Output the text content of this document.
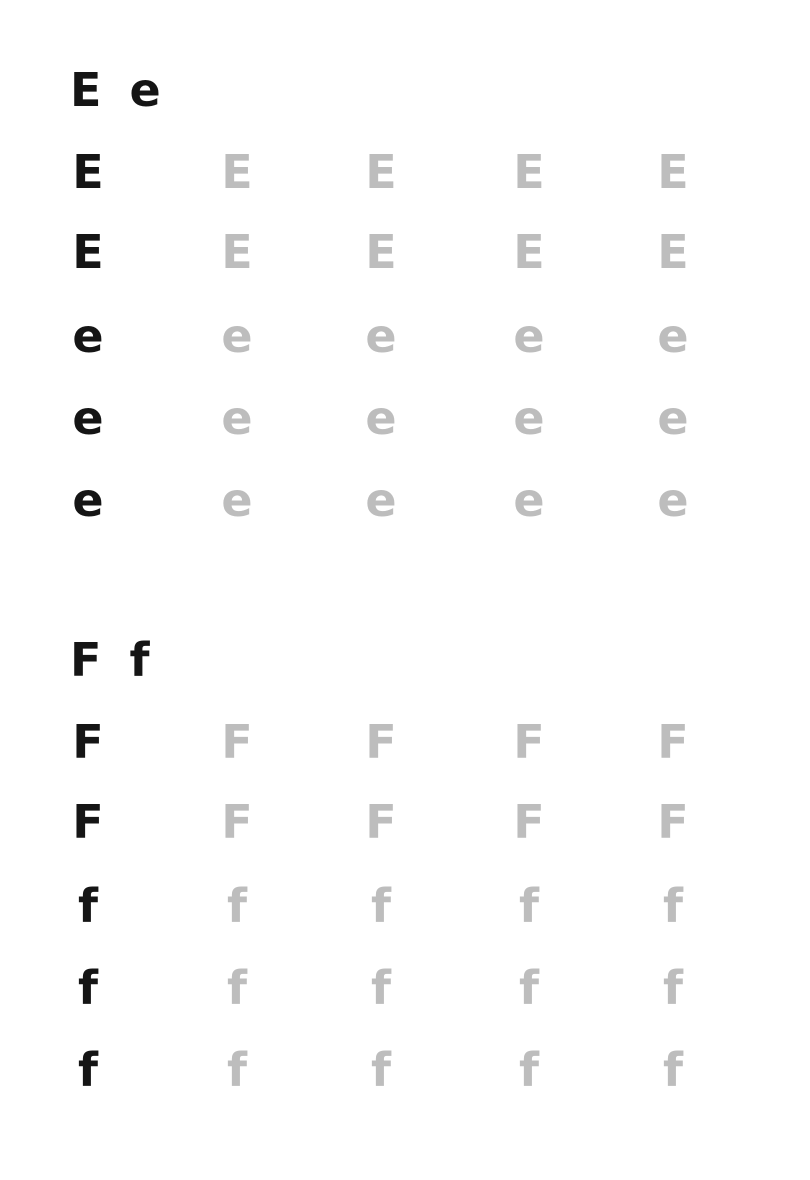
E e
E	E	E	E	E
E	E	E	E	E
e	e	e	e	e
e	e	e	e	e
e	e	e	e	e
F f
F	F	F	F	F
F	F	F	F	F
f	f	f	f	f
f	f	f	f	f
f	f	f	f	f
